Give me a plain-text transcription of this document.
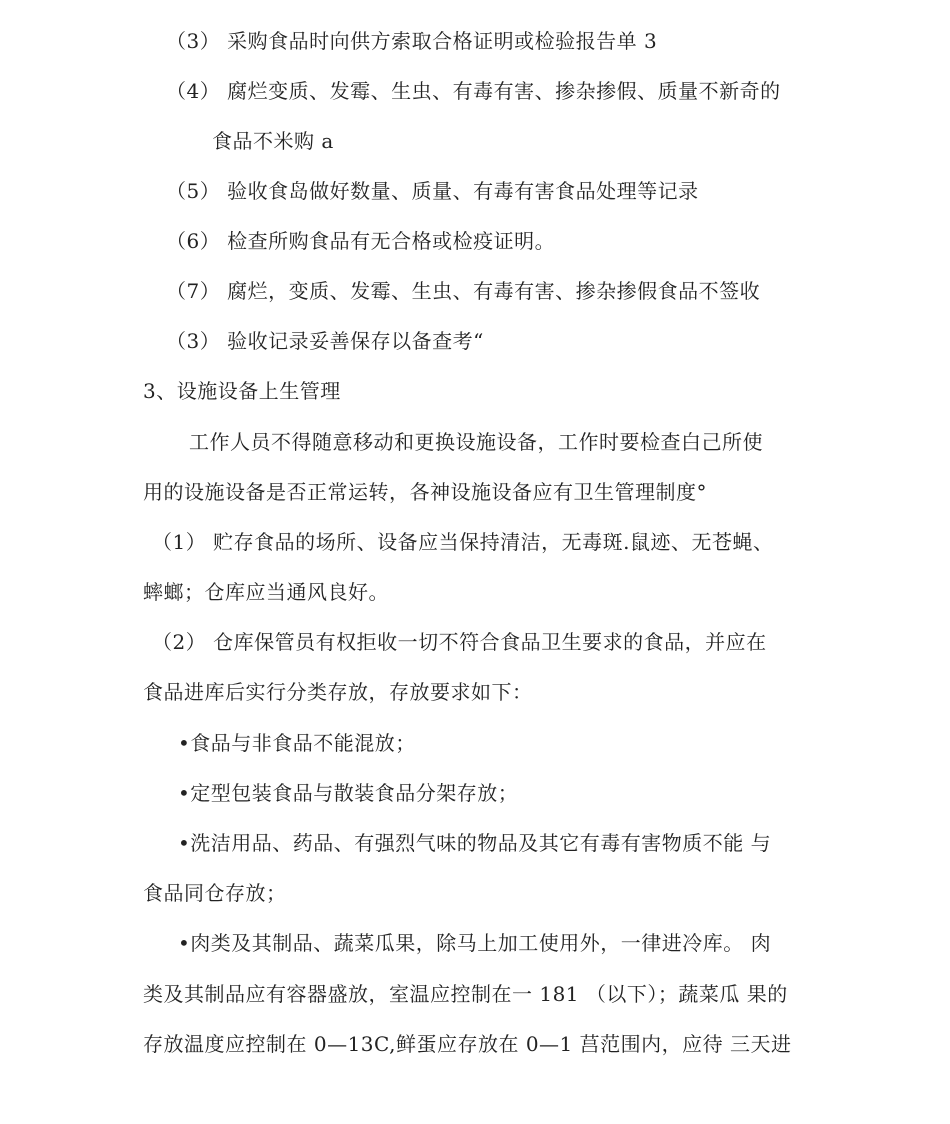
（3） 采购食品时向供方索取合格证明或检验报告单 3
（4） 腐烂变质、发霉、生虫、有毒有害、掺杂掺假、质量不新奇的
食品不米购 a
（5） 验收食岛做好数量、质量、有毒有害食品处理等记录
（6） 检查所购食品有无合格或检疫证明。
（7） 腐烂，变质、发霉、生虫、有毒有害、掺杂掺假食品不签收
（3） 验收记录妥善保存以备查考“
3、设施设备上生管理
工作人员不得随意移动和更换设施设备，工作时要检查白己所使
用的设施设备是否正常运转，各神设施设备应有卫生管理制度°
（1） 贮存食品的场所、设备应当保持清洁，无毒斑.鼠迹、无苍蝇、
蟀螂；仓库应当通风良好。
（2） 仓库保管员有权拒收一切不符合食品卫生要求的食品，并应在
食品进库后实行分类存放，存放要求如下：
•食品与非食品不能混放；
•定型包装食品与散装食品分架存放；
•洗洁用品、药品、有强烈气味的物品及其它有毒有害物质不能 与
食品同仓存放；
•肉类及其制品、蔬菜瓜果，除马上加工使用外，一律进冷库。 肉
类及其制品应有容器盛放，室温应控制在一 181 （以下）；蔬菜瓜 果的
存放温度应控制在 0—13C,鲜蛋应存放在 0—1 莒范围内，应待 三天进
